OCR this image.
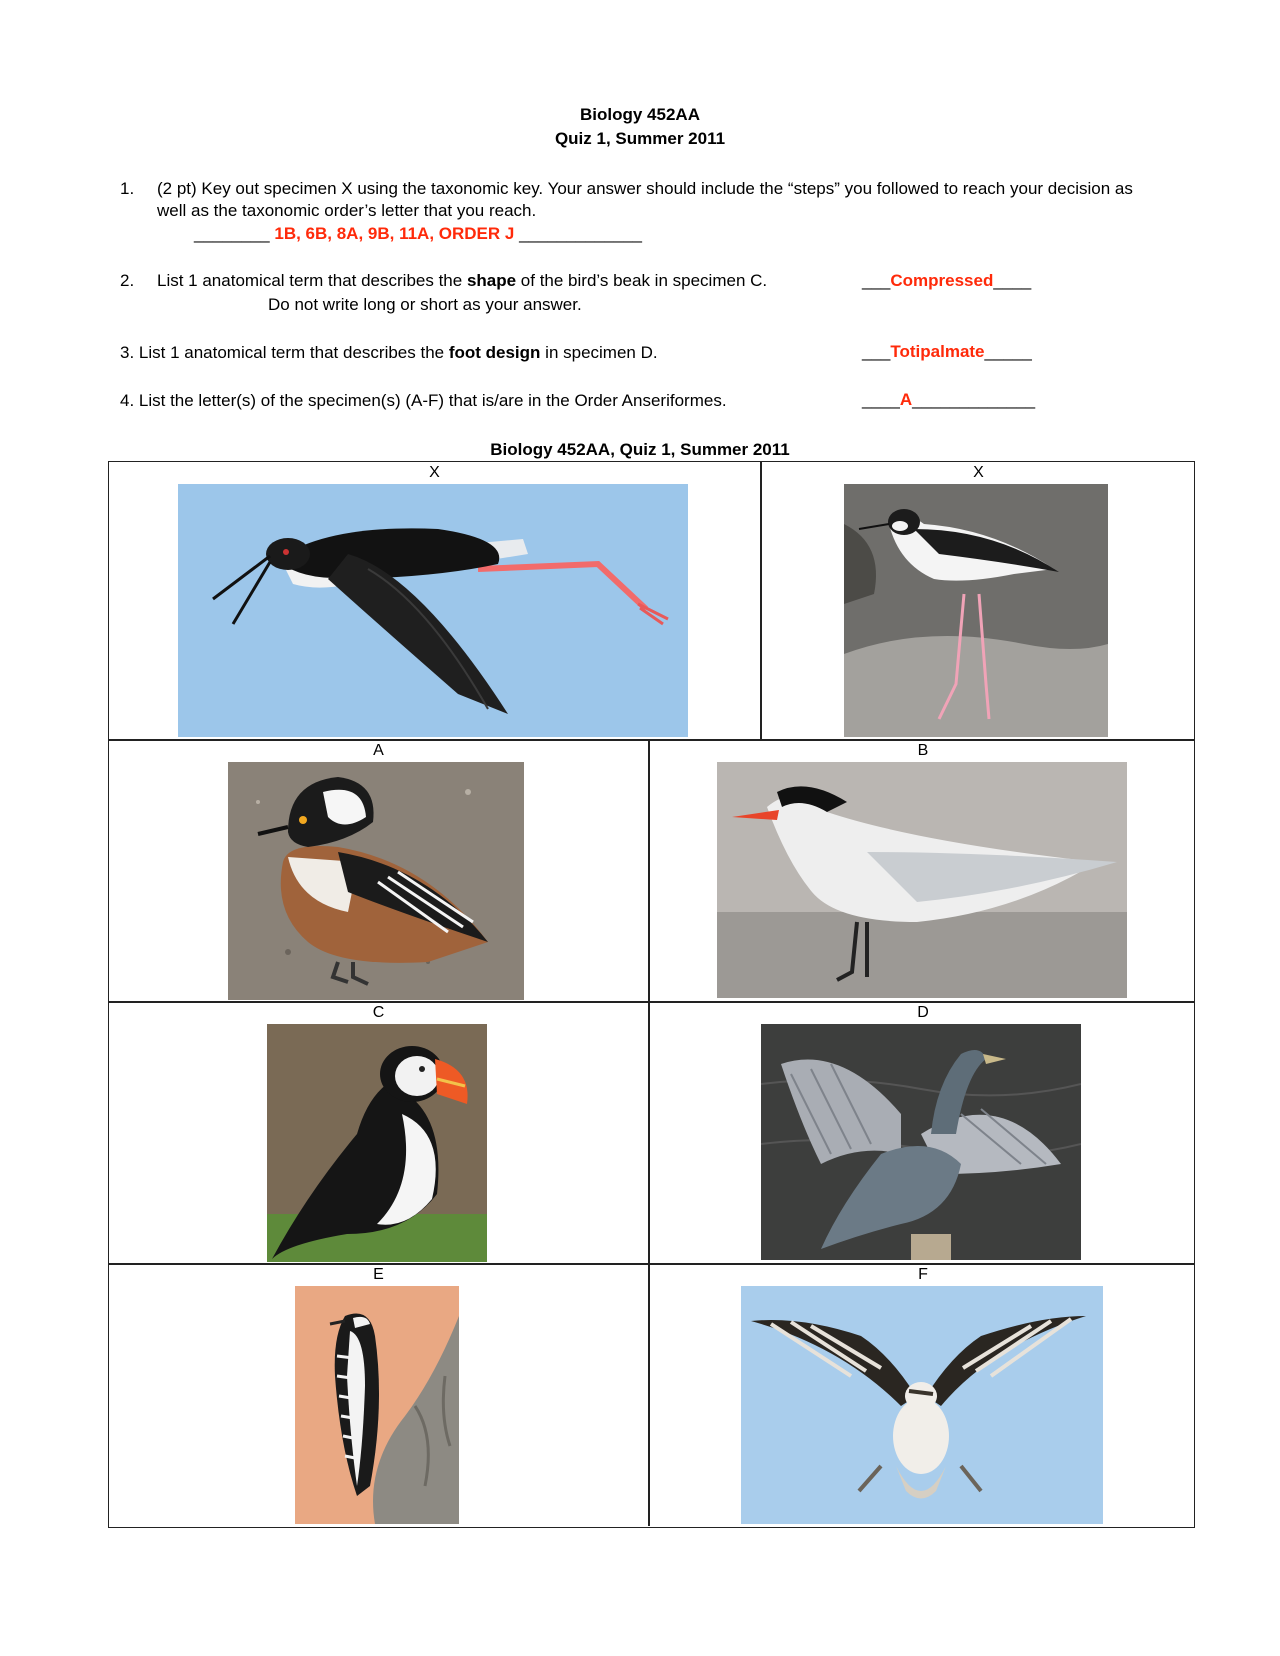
Biology 452AA
Quiz 1, Summer 2011
1. (2 pt) Key out specimen X using the taxonomic key. Your answer should include the “steps” you followed to reach your decision as
well as the taxonomic order’s letter that you reach.
________ 1B, 6B, 8A, 9B, 11A, ORDER J _____________
2. List 1 anatomical term that describes the shape of the bird’s beak in specimen C.
Do not write long or short as your answer.
___Compressed____
3. List 1 anatomical term that describes the foot design in specimen D.	___Totipalmate_____
4. List the letter(s) of the specimen(s) (A-F) that is/are in the Order Anseriformes.	____A_____________
Biology 452AA, Quiz 1, Summer 2011
X	X
A	B
C	D
E	F
